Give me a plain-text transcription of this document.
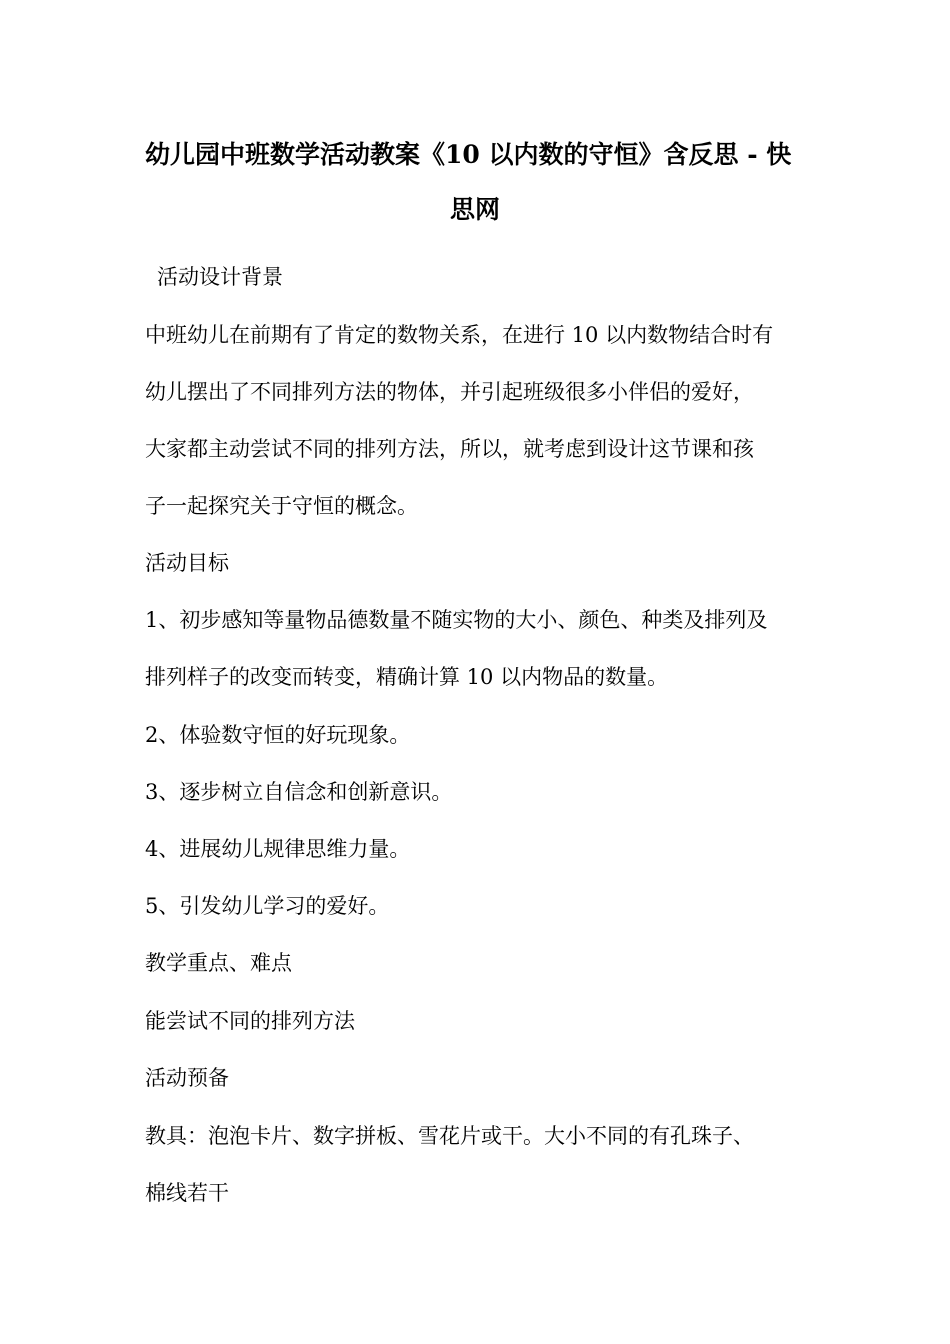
幼儿园中班数学活动教案《10 以内数的守恒》含反思 - 快
思网
活动设计背景
中班幼儿在前期有了肯定的数物关系，在进行 10 以内数物结合时有
幼儿摆出了不同排列方法的物体，并引起班级很多小伴侣的爱好，
大家都主动尝试不同的排列方法，所以，就考虑到设计这节课和孩
子一起探究关于守恒的概念。
活动目标
1、初步感知等量物品德数量不随实物的大小、颜色、种类及排列及
排列样子的改变而转变，精确计算 10 以内物品的数量。
2、体验数守恒的好玩现象。
3、逐步树立自信念和创新意识。
4、进展幼儿规律思维力量。
5、引发幼儿学习的爱好。
教学重点、难点
能尝试不同的排列方法
活动预备
教具：泡泡卡片、数字拼板、雪花片或干。大小不同的有孔珠子、
棉线若干
